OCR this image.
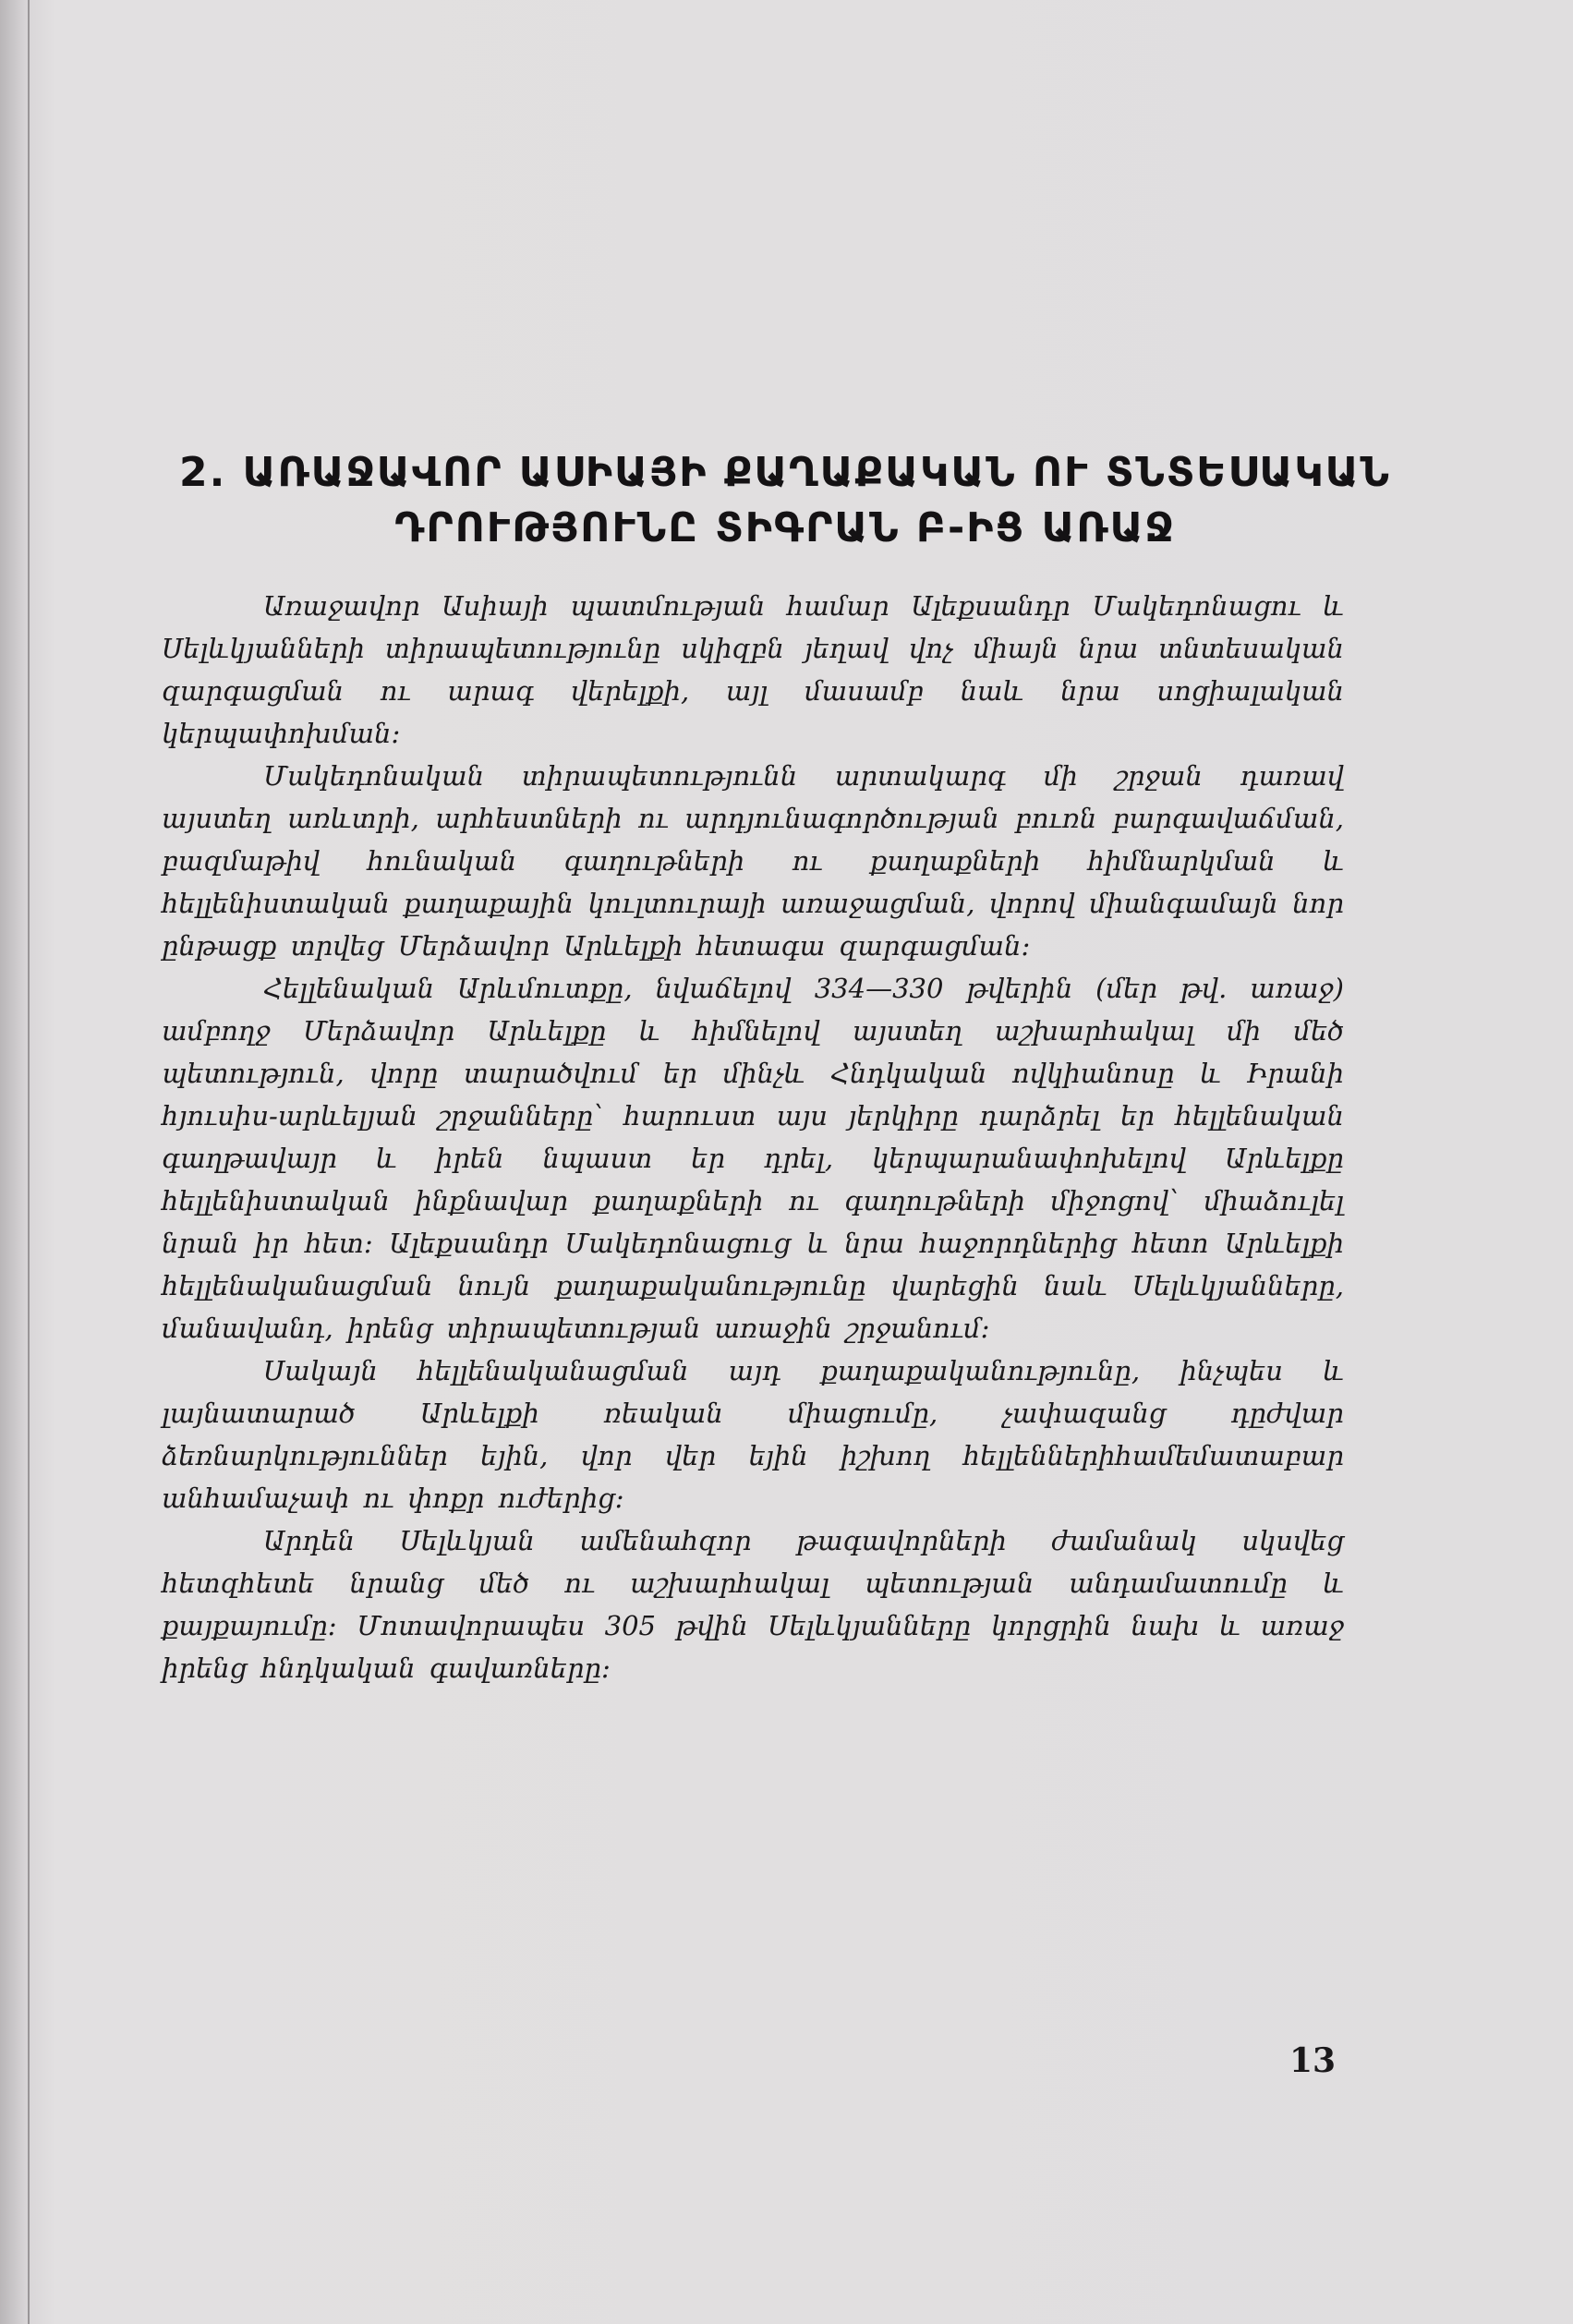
2. ԱՌԱՋԱՎՈՐ ԱՍԻԱՅԻ ՔԱՂԱՔԱԿԱՆ ՈՒ ՏՆՏԵՍԱԿԱՆ
ԴՐՈՒԹՅՈՒՆԸ ՏԻԳՐԱՆ Բ-ԻՑ ԱՌԱՋ

Առաջավոր Ասիայի պատմության համար Ալեքսանդր Մակեդոնացու և Սելևկյանների տիրապետությունը սկիզբն յեղավ վոչ միայն նրա տնտեսական զարգացման ու արագ վերելքի, այլ մասամբ նաև նրա սոցիալական կերպափոխման։

Մակեդոնական տիրապետությունն արտակարգ մի շրջան դառավ այստեղ առևտրի, արհեստների ու արդյունագործության բուռն բարգավաճման, բազմաթիվ հունական գաղութների ու քաղաքների հիմնարկման և հելլենիստական քաղաքային կուլտուրայի առաջացման, վորով միանգամայն նոր ընթացք տրվեց Մերձավոր Արևելքի հետագա զարգացման։

Հելլենական Արևմուտքը, նվաճելով 334—330 թվերին (մեր թվ. առաջ) ամբողջ Մերձավոր Արևելքը և հիմնելով այստեղ աշխարհակալ մի մեծ պետություն, վորը տարածվում եր մինչև Հնդկական ովկիանոսը և Իրանի հյուսիս-արևելյան շրջանները՝ հարուստ այս յերկիրը դարձրել եր հելլենական գաղթավայր և իրեն նպաստ եր դրել, կերպարանափոխելով Արևելքը հելլենիստական ինքնավար քաղաքների ու գաղութների միջոցով՝ միաձուլել նրան իր հետ։ Ալեքսանդր Մակեդոնացուց և նրա հաջորդներից հետո Արևելքի հելլենականացման նույն քաղաքականությունը վարեցին նաև Սելևկյանները, մանավանդ, իրենց տիրապետության առաջին շրջանում։

Սակայն հելլենականացման այդ քաղաքականությունը, ինչպես և լայնատարած Արևելքի ռեական միացումը, չափազանց դըժվար ձեռնարկություններ եյին, վոր վեր եյին իշխող հելլեններիհամեմատաբար անհամաչափ ու փոքր ուժերից։

Արդեն Սելևկյան ամենահզոր թագավորների ժամանակ սկսվեց հետզհետե նրանց մեծ ու աշխարհակալ պետության անդամատումը և քայքայումը։ Մոտավորապես 305 թվին Սելևկյանները կորցրին նախ և առաջ իրենց հնդկական գավառները։

13
